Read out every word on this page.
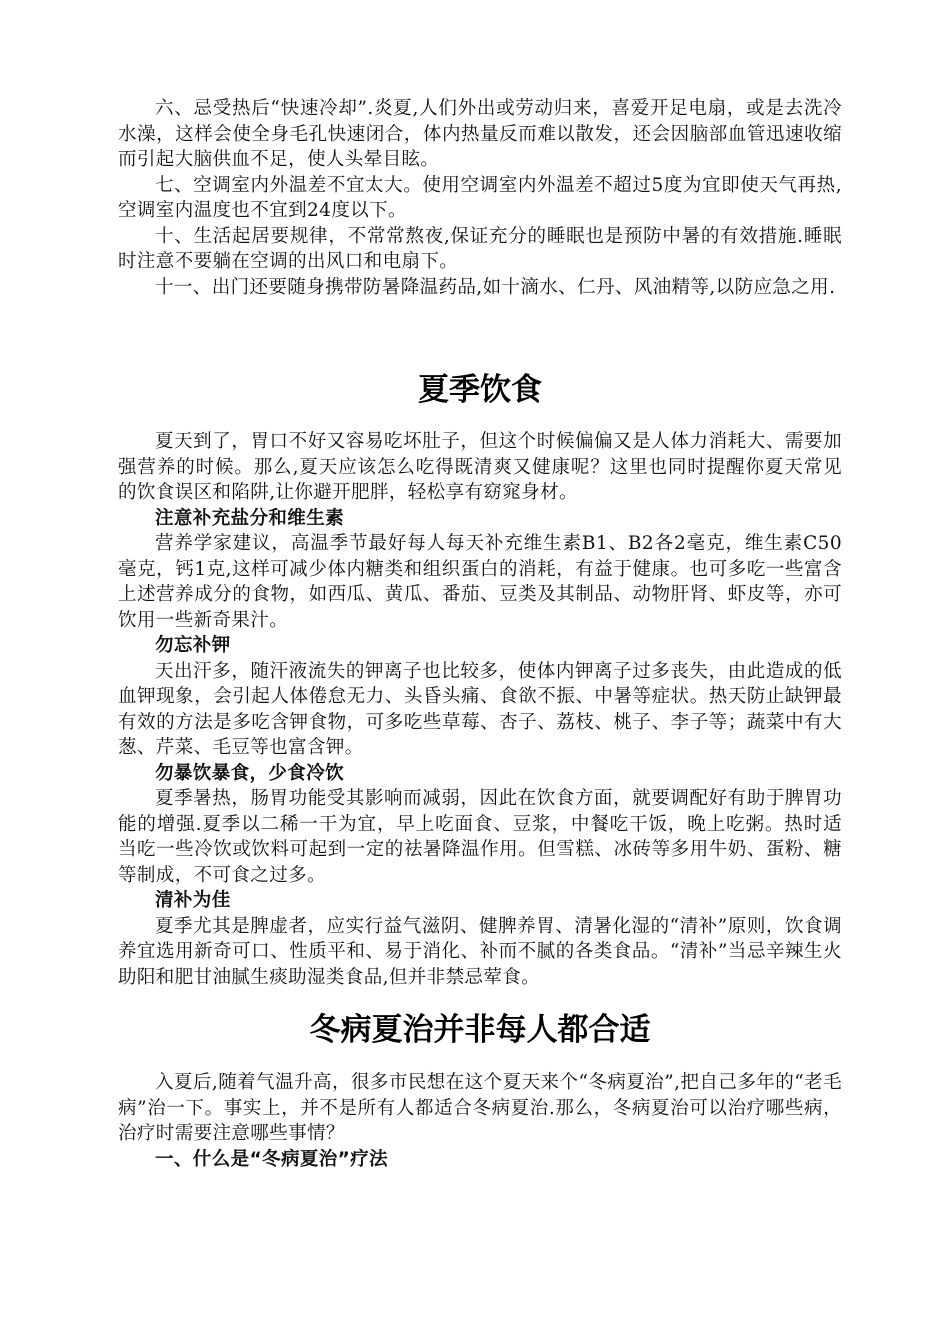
六、忌受热后“快速冷却”.炎夏,人们外出或劳动归来，喜爱开足电扇，或是去洗冷水澡，这样会使全身毛孔快速闭合，体内热量反而难以散发，还会因脑部血管迅速收缩而引起大脑供血不足，使人头晕目眩。

七、空调室内外温差不宜太大。使用空调室内外温差不超过5度为宜即使天气再热,空调室内温度也不宜到24度以下。

十、生活起居要规律，不常常熬夜,保证充分的睡眠也是预防中暑的有效措施.睡眠时注意不要躺在空调的出风口和电扇下。

十一、出门还要随身携带防暑降温药品,如十滴水、仁丹、风油精等,以防应急之用.

夏季饮食

夏天到了，胃口不好又容易吃坏肚子，但这个时候偏偏又是人体力消耗大、需要加强营养的时候。那么,夏天应该怎么吃得既清爽又健康呢？这里也同时提醒你夏天常见的饮食误区和陷阱,让你避开肥胖，轻松享有窈窕身材。

注意补充盐分和维生素

营养学家建议，高温季节最好每人每天补充维生素B1、B2各2毫克，维生素C50毫克，钙1克,这样可减少体内糖类和组织蛋白的消耗，有益于健康。也可多吃一些富含上述营养成分的食物，如西瓜、黄瓜、番茄、豆类及其制品、动物肝肾、虾皮等，亦可饮用一些新奇果汁。

勿忘补钾

天出汗多，随汗液流失的钾离子也比较多，使体内钾离子过多丧失，由此造成的低血钾现象，会引起人体倦怠无力、头昏头痛、食欲不振、中暑等症状。热天防止缺钾最有效的方法是多吃含钾食物，可多吃些草莓、杏子、荔枝、桃子、李子等；蔬菜中有大葱、芹菜、毛豆等也富含钾。

勿暴饮暴食，少食冷饮

夏季暑热，肠胃功能受其影响而减弱，因此在饮食方面，就要调配好有助于脾胃功能的增强.夏季以二稀一干为宜，早上吃面食、豆浆，中餐吃干饭，晚上吃粥。热时适当吃一些冷饮或饮料可起到一定的祛暑降温作用。但雪糕、冰砖等多用牛奶、蛋粉、糖等制成，不可食之过多。

清补为佳

夏季尤其是脾虚者，应实行益气滋阴、健脾养胃、清暑化湿的“清补”原则，饮食调养宜选用新奇可口、性质平和、易于消化、补而不腻的各类食品。“清补”当忌辛辣生火助阳和肥甘油腻生痰助湿类食品,但并非禁忌荤食。

冬病夏治并非每人都合适

入夏后,随着气温升高，很多市民想在这个夏天来个“冬病夏治”,把自己多年的“老毛病”治一下。事实上，并不是所有人都适合冬病夏治.那么，冬病夏治可以治疗哪些病，治疗时需要注意哪些事情？

一、什么是“冬病夏治”疗法
